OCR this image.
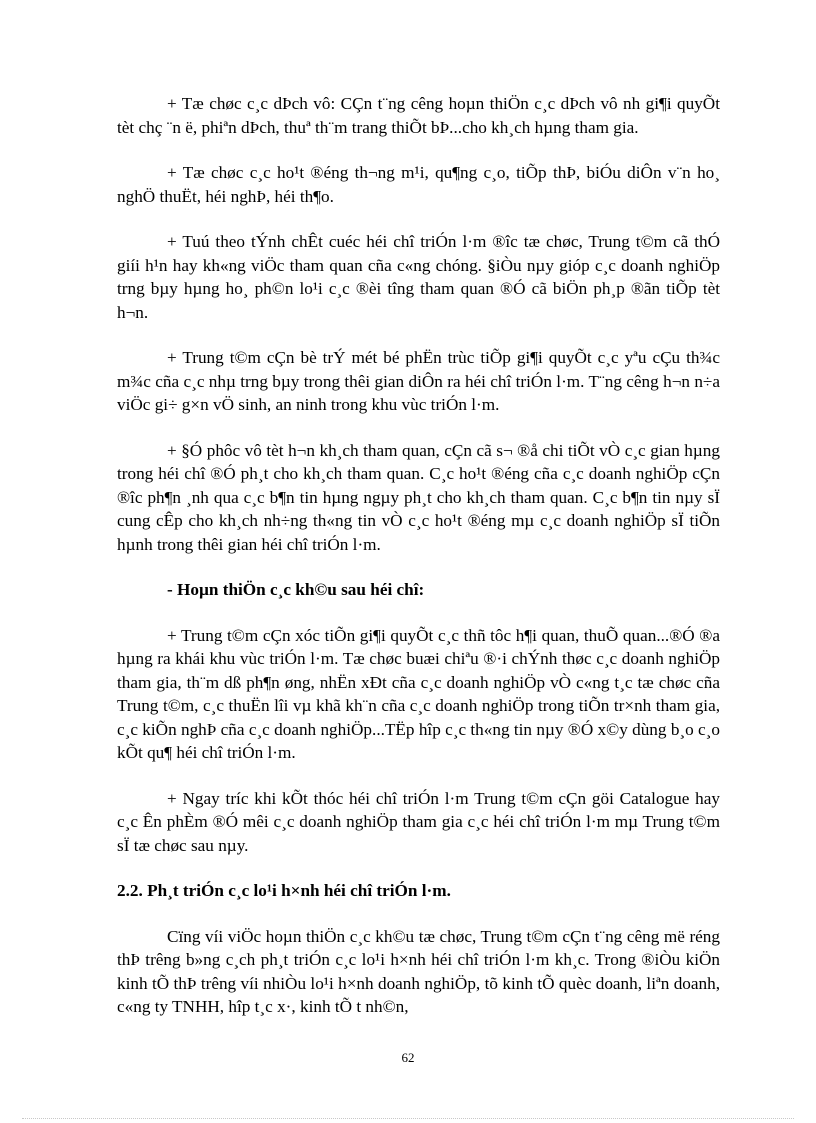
+ Tæ chøc c¸c dÞch vô: CÇn t¨ng cêng hoµn thiÖn c¸c dÞch vô nh gi¶i quyÕt tèt chç ¨n ë, phiªn dÞch, thuª th¨m trang thiÕt bÞ...cho kh¸ch hµng tham gia.

+ Tæ chøc c¸c ho¹t ®éng th¬ng m¹i, qu¶ng c¸o, tiÕp thÞ, biÓu diÔn v¨n ho¸ nghÖ thuËt, héi nghÞ, héi th¶o.

+ Tuú theo tÝnh chÊt cuéc héi chî triÓn l·m ®îc tæ chøc, Trung t©m cã thÓ giíi h¹n hay kh«ng viÖc tham quan cña c«ng chóng. §iÒu nµy gióp c¸c doanh nghiÖp trng bµy hµng ho¸ ph©n lo¹i c¸c ®èi tîng tham quan ®Ó cã biÖn ph¸p ®ãn tiÕp tèt h¬n.

+ Trung t©m cÇn bè trÝ mét bé phËn trùc tiÕp gi¶i quyÕt c¸c yªu cÇu th¾c m¾c cña c¸c nhµ trng bµy trong thêi gian diÔn ra héi chî triÓn l·m. T¨ng cêng h¬n n÷a viÖc gi÷ g×n vÖ sinh, an ninh trong khu vùc triÓn l·m.

+ §Ó phôc vô tèt h¬n kh¸ch tham quan, cÇn cã s¬ ®å chi tiÕt vÒ c¸c gian hµng trong héi chî ®Ó ph¸t cho kh¸ch tham quan. C¸c ho¹t ®éng cña c¸c doanh nghiÖp cÇn ®îc ph¶n ¸nh qua c¸c b¶n tin hµng ngµy ph¸t cho kh¸ch tham quan. C¸c b¶n tin nµy sÏ cung cÊp cho kh¸ch nh÷ng th«ng tin vÒ c¸c ho¹t ®éng mµ c¸c doanh nghiÖp sÏ tiÕn hµnh trong thêi gian héi chî triÓn l·m.

- Hoµn thiÖn c¸c kh©u sau héi chî:

+ Trung t©m cÇn xóc tiÕn gi¶i quyÕt c¸c thñ tôc h¶i quan, thuÕ quan...®Ó ®a hµng ra khái khu vùc triÓn l·m. Tæ chøc buæi chiªu ®·i chÝnh thøc c¸c doanh nghiÖp tham gia, th¨m dß ph¶n øng, nhËn xÐt cña c¸c doanh nghiÖp vÒ c«ng t¸c tæ chøc cña Trung t©m, c¸c thuËn lîi vµ khã kh¨n cña c¸c doanh nghiÖp trong tiÕn tr×nh tham gia, c¸c kiÕn nghÞ cña c¸c doanh nghiÖp...TËp hîp c¸c th«ng tin nµy ®Ó x©y dùng b¸o c¸o kÕt qu¶ héi chî triÓn l·m.

+ Ngay tríc khi kÕt thóc héi chî triÓn l·m Trung t©m cÇn göi Catalogue hay c¸c Ên phÈm ®Ó mêi c¸c doanh nghiÖp tham gia c¸c héi chî triÓn l·m mµ Trung t©m sÏ tæ chøc sau nµy.

2.2. Ph¸t triÓn c¸c lo¹i h×nh héi chî triÓn l·m.

Cïng víi viÖc hoµn thiÖn c¸c kh©u tæ chøc, Trung t©m cÇn t¨ng cêng më réng thÞ trêng b»ng c¸ch ph¸t triÓn c¸c lo¹i h×nh héi chî triÓn l·m kh¸c. Trong ®iÒu kiÖn kinh tÕ thÞ trêng víi nhiÒu lo¹i h×nh doanh nghiÖp, tõ kinh tÕ quèc doanh, liªn doanh, c«ng ty TNHH, hîp t¸c x·, kinh tÕ t nh©n,

62
